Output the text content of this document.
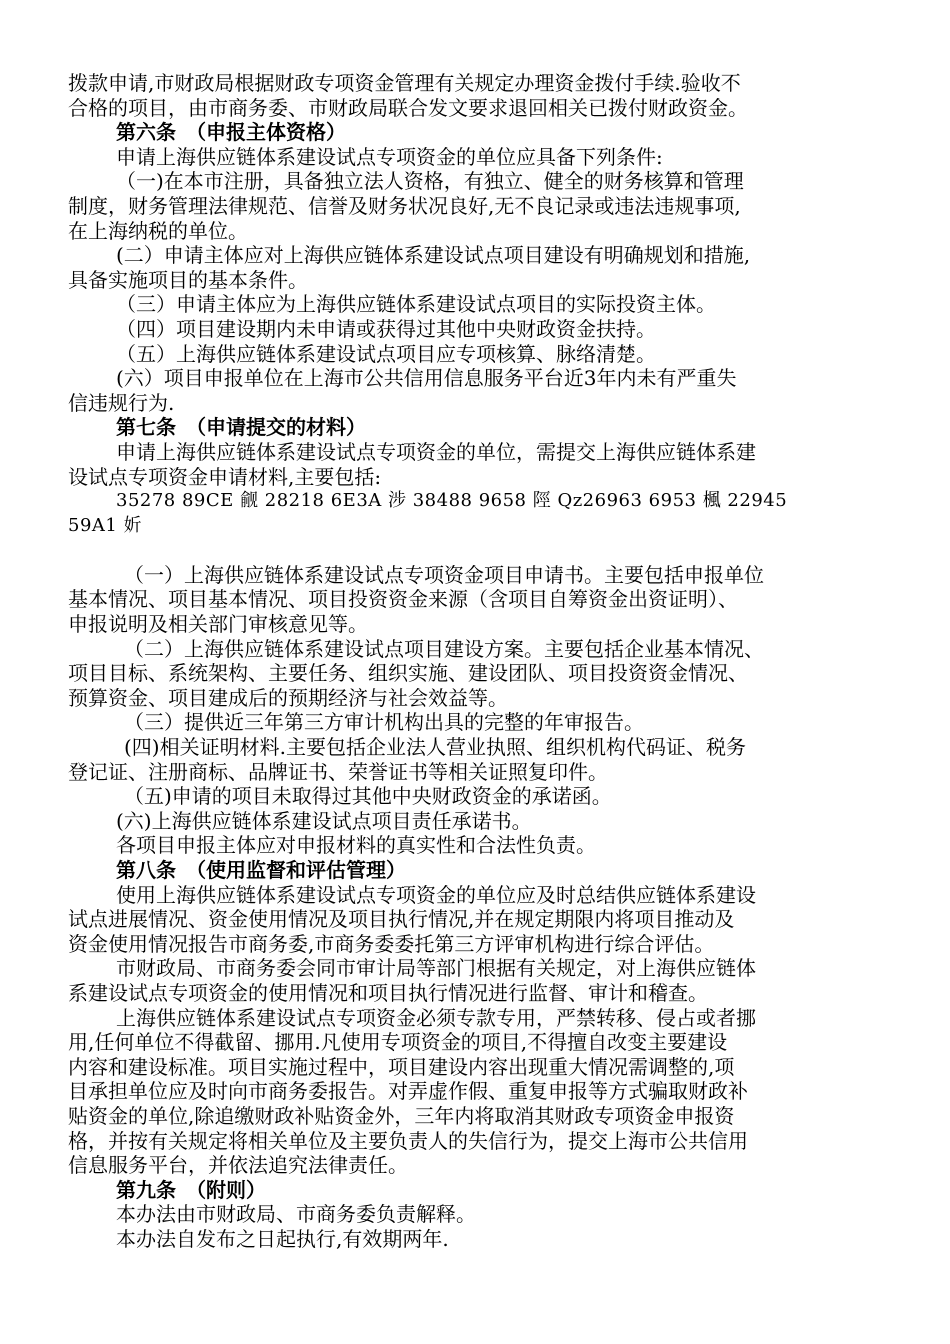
拨款申请,市财政局根据财政专项资金管理有关规定办理资金拨付手续.验收不
合格的项目，由市商务委、市财政局联合发文要求退回相关已拨付财政资金。
第六条　（申报主体资格）
申请上海供应链体系建设试点专项资金的单位应具备下列条件:
（一)在本市注册，具备独立法人资格，有独立、健全的财务核算和管理
制度，财务管理法律规范、信誉及财务状况良好,无不良记录或违法违规事项,
在上海纳税的单位。
(二）申请主体应对上海供应链体系建设试点项目建设有明确规划和措施,
具备实施项目的基本条件。
（三）申请主体应为上海供应链体系建设试点项目的实际投资主体。
（四）项目建设期内未申请或获得过其他中央财政资金扶持。
（五）上海供应链体系建设试点项目应专项核算、脉络清楚。
(六）项目申报单位在上海市公共信用信息服务平台近3年内未有严重失
信违规行为.
第七条　（申请提交的材料）
申请上海供应链体系建设试点专项资金的单位，需提交上海供应链体系建
设试点专项资金申请材料,主要包括:
35278 89CE 觎 28218 6E3A 涉 38488 9658 陘 Qz26963 6953 楓 22945
59A1 妡
（一）上海供应链体系建设试点专项资金项目申请书。主要包括申报单位
基本情况、项目基本情况、项目投资资金来源（含项目自筹资金出资证明）、
申报说明及相关部门审核意见等。
（二）上海供应链体系建设试点项目建设方案。主要包括企业基本情况、
项目目标、系统架构、主要任务、组织实施、建设团队、项目投资资金情况、
预算资金、项目建成后的预期经济与社会效益等。
（三）提供近三年第三方审计机构出具的完整的年审报告。
(四)相关证明材料.主要包括企业法人营业执照、组织机构代码证、税务
登记证、注册商标、品牌证书、荣誉证书等相关证照复印件。
（五)申请的项目未取得过其他中央财政资金的承诺函。
(六)上海供应链体系建设试点项目责任承诺书。
各项目申报主体应对申报材料的真实性和合法性负责。
第八条　（使用监督和评估管理）
使用上海供应链体系建设试点专项资金的单位应及时总结供应链体系建设
试点进展情况、资金使用情况及项目执行情况,并在规定期限内将项目推动及
资金使用情况报告市商务委,市商务委委托第三方评审机构进行综合评估。
市财政局、市商务委会同市审计局等部门根据有关规定，对上海供应链体
系建设试点专项资金的使用情况和项目执行情况进行监督、审计和稽查。
上海供应链体系建设试点专项资金必须专款专用，严禁转移、侵占或者挪
用,任何单位不得截留、挪用.凡使用专项资金的项目,不得擅自改变主要建设
内容和建设标准。项目实施过程中，项目建设内容出现重大情况需调整的,项
目承担单位应及时向市商务委报告。对弄虚作假、重复申报等方式骗取财政补
贴资金的单位,除追缴财政补贴资金外，三年内将取消其财政专项资金申报资
格，并按有关规定将相关单位及主要负责人的失信行为，提交上海市公共信用
信息服务平台，并依法追究法律责任。
第九条　（附则）
本办法由市财政局、市商务委负责解释。
本办法自发布之日起执行,有效期两年.
